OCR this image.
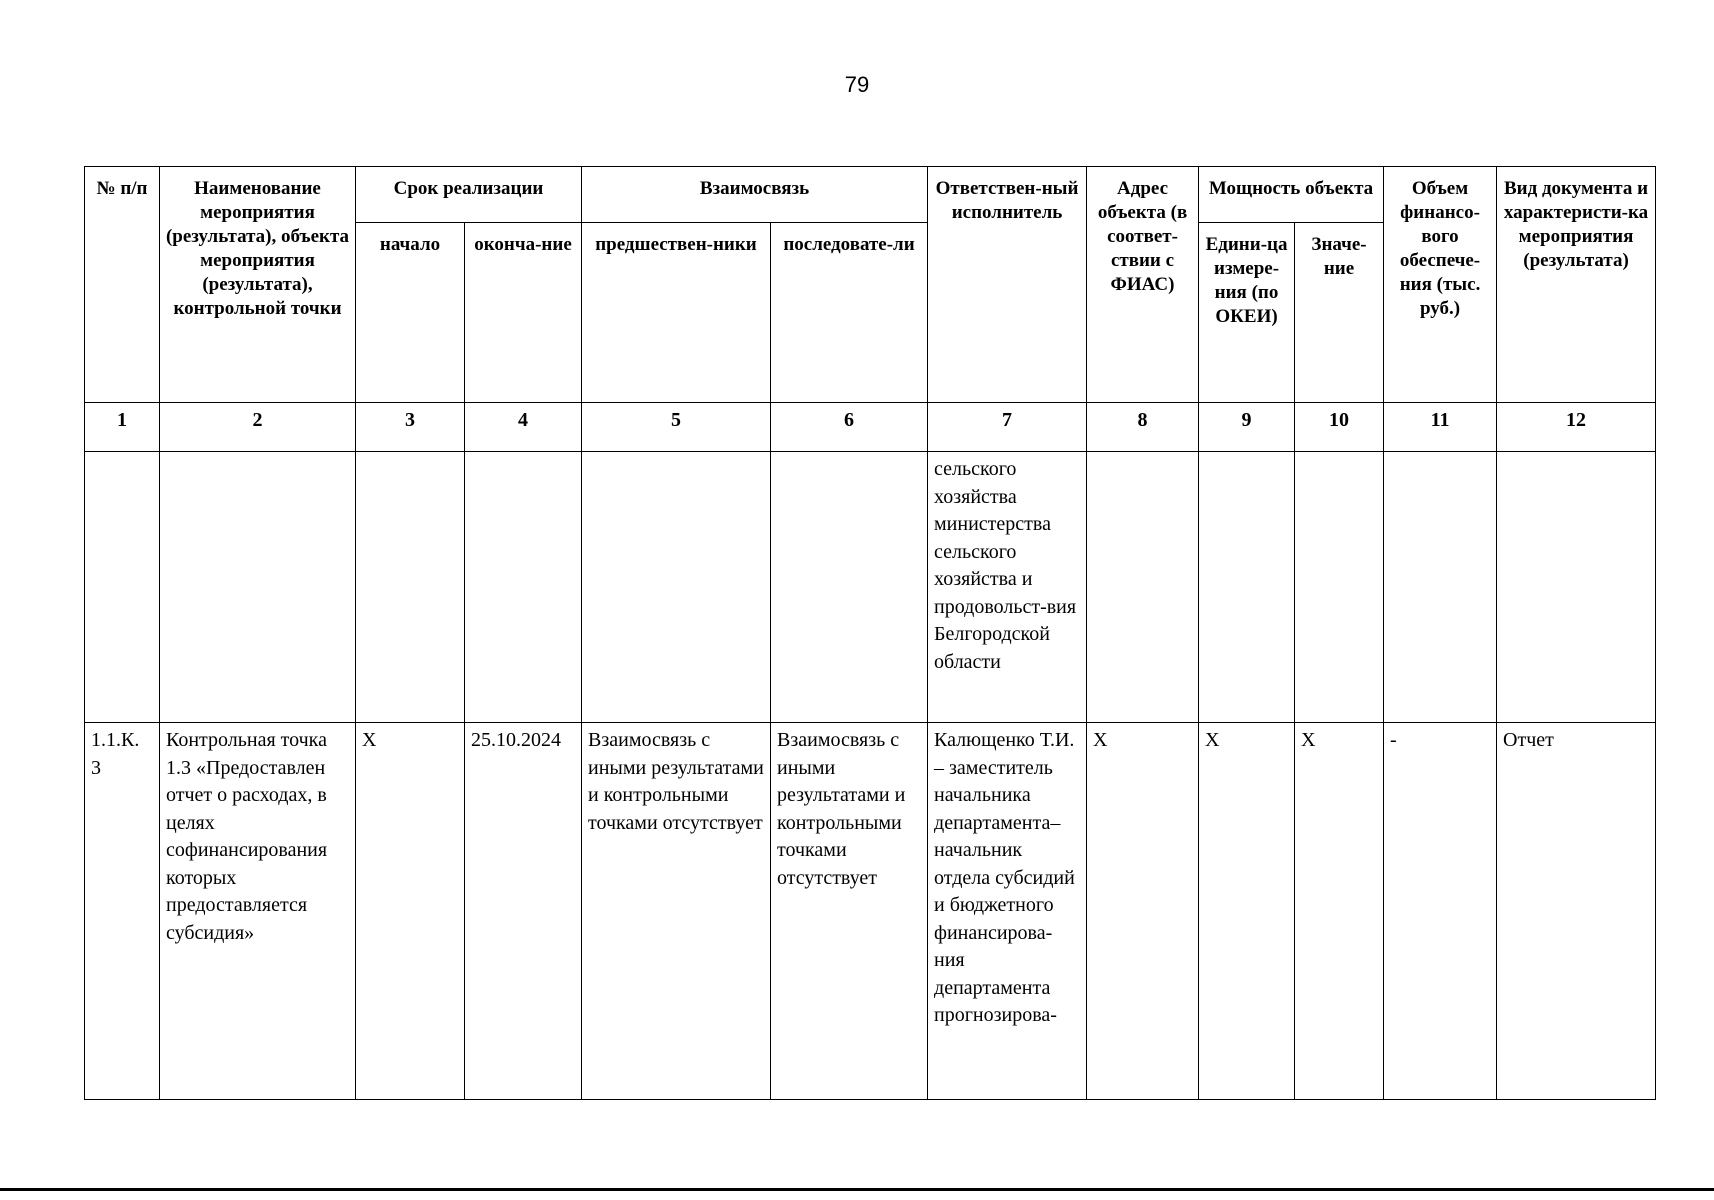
79
№ п/п	Наименование мероприятия (результата), объекта мероприятия (результата), контрольной точки	Срок реализации		Взаимосвязь		Ответствен-ный исполнитель	Адрес объекта (в соответ-ствии с ФИАС)	Мощность объекта		Объем финансо-вого обеспече-ния (тыс. руб.)	Вид документа и характеристи-ка мероприятия (результата)
		начало	оконча-ние	предшествен-ники	последовате-ли			Едини-ца измере-ния (по ОКЕИ)	Значе-ние		
1	2	3	4	5	6	7	8	9	10	11	12
						сельского хозяйства министерства сельского хозяйства и продовольст-вия Белгородской области					
1.1.К. 3	Контрольная точка 1.3 «Предоставлен отчет о расходах, в целях софинансирования которых предоставляется субсидия»	X	25.10.2024	Взаимосвязь с иными результатами и контрольными точками отсутствует	Взаимосвязь с иными результатами и контрольными точками отсутствует	Калющенко Т.И. – заместитель начальника департамента– начальник отдела субсидий и бюджетного финансирова-ния департамента прогнозирова-	X	X	X	-	Отчет
